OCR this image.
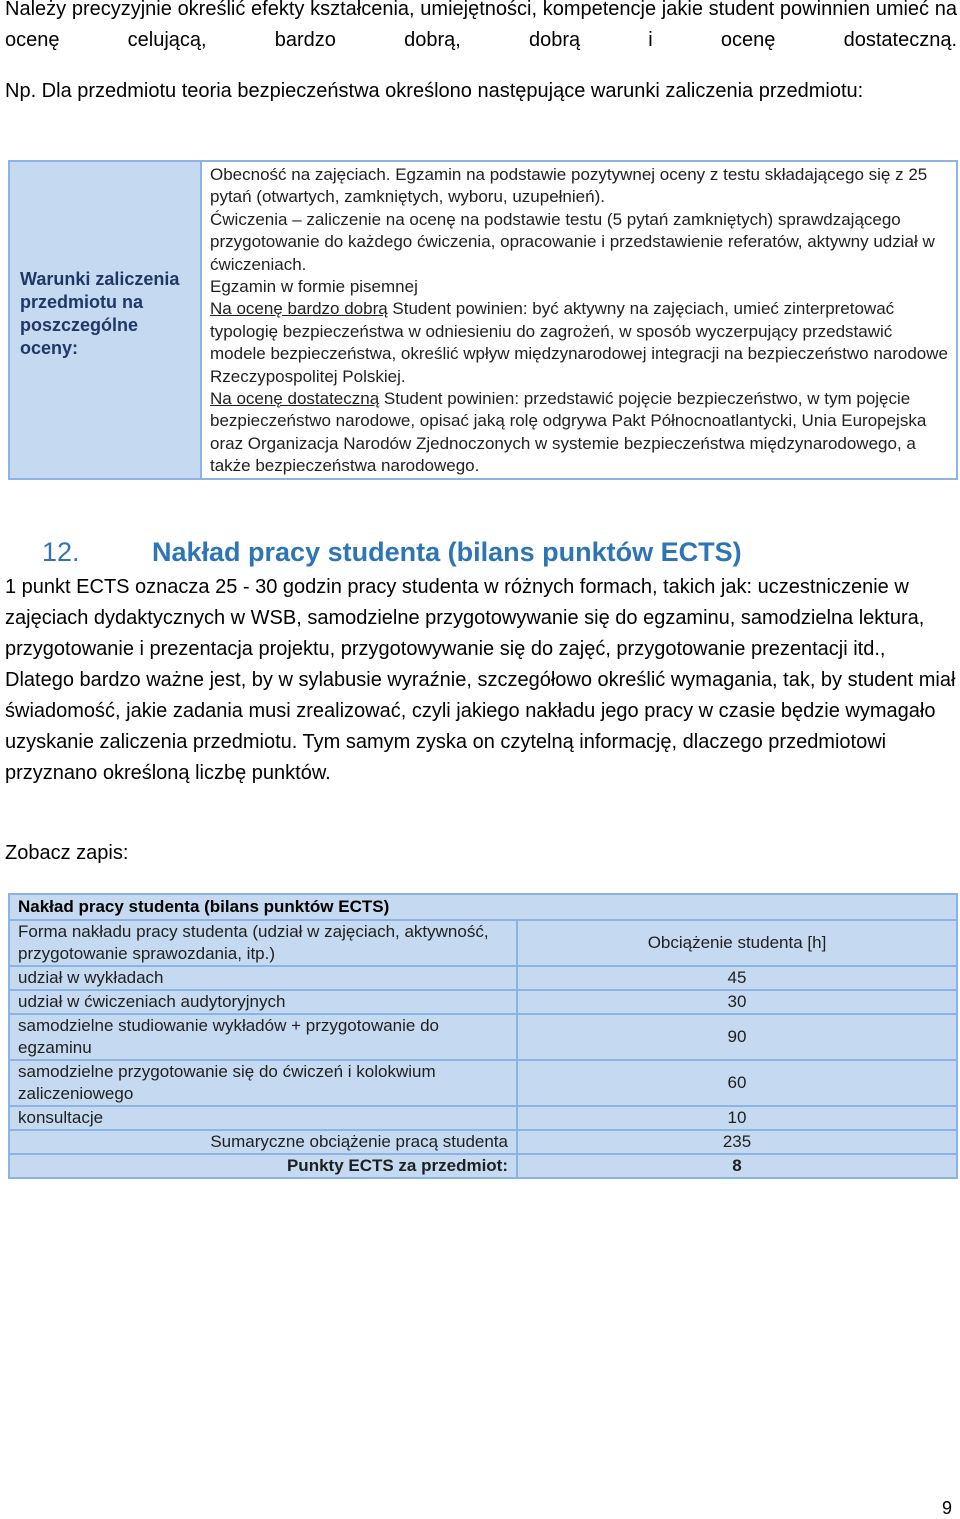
Należy precyzyjnie określić efekty kształcenia, umiejętności, kompetencje jakie student powinnien umieć na ocenę celującą, bardzo dobrą, dobrą i ocenę dostateczną.

Np. Dla przedmiotu teoria bezpieczeństwa określono następujące warunki zaliczenia przedmiotu:

Warunki zaliczenia przedmiotu na poszczególne oceny:
Obecność na zajęciach. Egzamin na podstawie pozytywnej oceny z testu składającego się z 25 pytań (otwartych, zamkniętych, wyboru, uzupełnień).
Ćwiczenia – zaliczenie na ocenę na podstawie testu (5 pytań zamkniętych) sprawdzającego przygotowanie do każdego ćwiczenia, opracowanie i przedstawienie referatów, aktywny udział w ćwiczeniach.
Egzamin w formie pisemnej
Na ocenę bardzo dobrą Student powinien: być aktywny na zajęciach, umieć zinterpretować typologię bezpieczeństwa w odniesieniu do zagrożeń, w sposób wyczerpujący przedstawić modele bezpieczeństwa, określić wpływ międzynarodowej integracji na bezpieczeństwo narodowe Rzeczypospolitej Polskiej.
Na ocenę dostateczną Student powinien: przedstawić pojęcie bezpieczeństwo, w tym pojęcie bezpieczeństwo narodowe, opisać jaką rolę odgrywa Pakt Północnoatlantycki, Unia Europejska oraz Organizacja Narodów Zjednoczonych w systemie bezpieczeństwa międzynarodowego, a także bezpieczeństwa narodowego.
12.	Nakład pracy studenta (bilans punktów ECTS)

1 punkt ECTS oznacza 25 - 30 godzin pracy studenta w różnych formach, takich jak: uczestniczenie w zajęciach dydaktycznych w WSB, samodzielne przygotowywanie się do egzaminu, samodzielna lektura, przygotowanie i prezentacja projektu, przygotowywanie się do zajęć, przygotowanie prezentacji itd., Dlatego bardzo ważne jest, by w sylabusie wyraźnie, szczegółowo określić wymagania, tak, by student miał świadomość, jakie zadania musi zrealizować, czyli jakiego nakładu jego pracy w czasie będzie wymagało uzyskanie zaliczenia przedmiotu. Tym samym zyska on czytelną informację, dlaczego przedmiotowi przyznano określoną liczbę punktów.

Zobacz zapis:

Nakład pracy studenta (bilans punktów ECTS)	
Forma nakładu pracy studenta (udział w zajęciach, aktywność, przygotowanie sprawozdania, itp.)	Obciążenie studenta [h]
udział w wykładach	45
udział w ćwiczeniach audytoryjnych	30
samodzielne studiowanie wykładów + przygotowanie do egzaminu	90
samodzielne przygotowanie się do ćwiczeń i kolokwium zaliczeniowego	60
konsultacje	10
Sumaryczne obciążenie pracą studenta	235
Punkty ECTS za przedmiot:	8
9
